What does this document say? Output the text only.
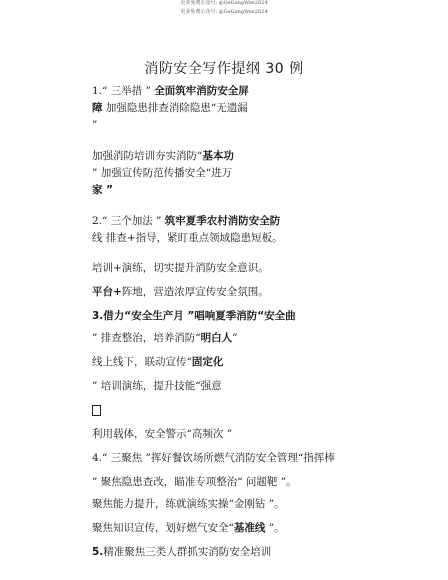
更多免费公众号: @GeGongWen2024
更多免费公众号: @GeGongWen2024
消防安全写作提纲 30 例
1.“ 三举措 ” 全面筑牢消防安全屏
障 加强隐患排查消除隐患“无遗漏
”
加强消防培训夯实消防“基本功
” 加强宣传防范传播安全“进万
家 ”
2.“ 三个加法 ” 筑牢夏季农村消防安全防
线 排查+指导，紧盯重点领域隐患短板。
培训+演练，切实提升消防安全意识。
平台+阵地，营造浓厚宣传安全氛围。
3.借力“安全生产月 ”唱响夏季消防“安全曲
” 排查整治，培养消防“明白人”
线上线下，联动宣传“固定化
” 培训演练，提升技能“强意
利用载体，安全警示“高频次 ”
4.“ 三聚焦 ”挥好餐饮场所燃气消防安全管理“指挥棒
” 聚焦隐患查改，瞄准专项整治“ 问题靶 ”。
聚焦能力提升，练就演练实操“金刚钻 ”。
聚焦知识宣传，划好燃气安全“基准线 ”。
5.精准聚焦三类人群抓实消防安全培训
